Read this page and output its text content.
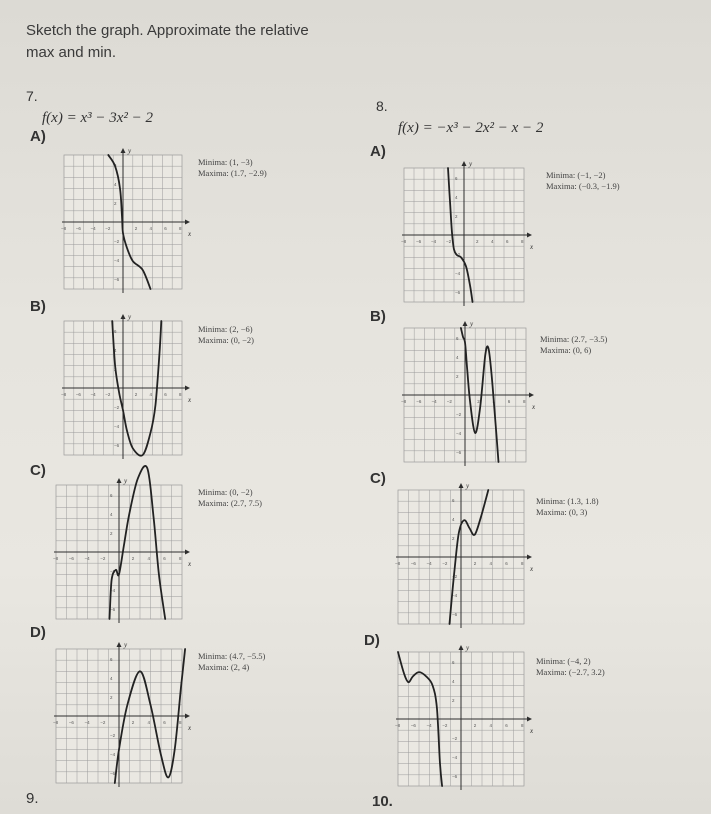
Sketch the graph. Approximate the relative
max and min.
7.
f(x) = x³ − 3x² − 2
8.
f(x) = −x³ − 2x² − x − 2
A)
B)
C)
D)
A)
B)
C)
D)
x
y
−8 −6 −4 −2	2	4	6	8
6
4
2
−2
−4
−6
x
y
−8 −6 −4 −2	2	4	6	8
6
4
2
−2
−4
−6
x
y
−8 −6 −4 −2	2	4	6	8
6
4
2
−2
−4
−6
x
y
−8 −6 −4 −2	2	4	6	8
6
4
2
−2
−4
−6
x
y
−8 −6 −4 −2	2	4	6	8
6
4
2
−2
−4
−6
x
y
−8 −6 −4 −2	2	4	6	8
6
4
2
−2
−4
−6
x
y
−8 −6 −4 −2	2	4	6	8
6
4
2
−2
−4
−6
x
y
−8 −6 −4 −2	2	4	6	8
6
4
2
−2
−4
−6
Minima: (1, −3)
Maxima: (1.7, −2.9)
Minima: (2, −6)
Maxima: (0, −2)
Minima: (0, −2)
Maxima: (2.7, 7.5)
Minima: (4.7, −5.5)
Maxima: (2, 4)
Minima: (−1, −2)
Maxima: (−0.3, −1.9)
Minima: (2.7, −3.5)
Maxima: (0, 6)
Minima: (1.3, 1.8)
Maxima: (0, 3)
Minima: (−4, 2)
Maxima: (−2.7, 3.2)
9.	10.
